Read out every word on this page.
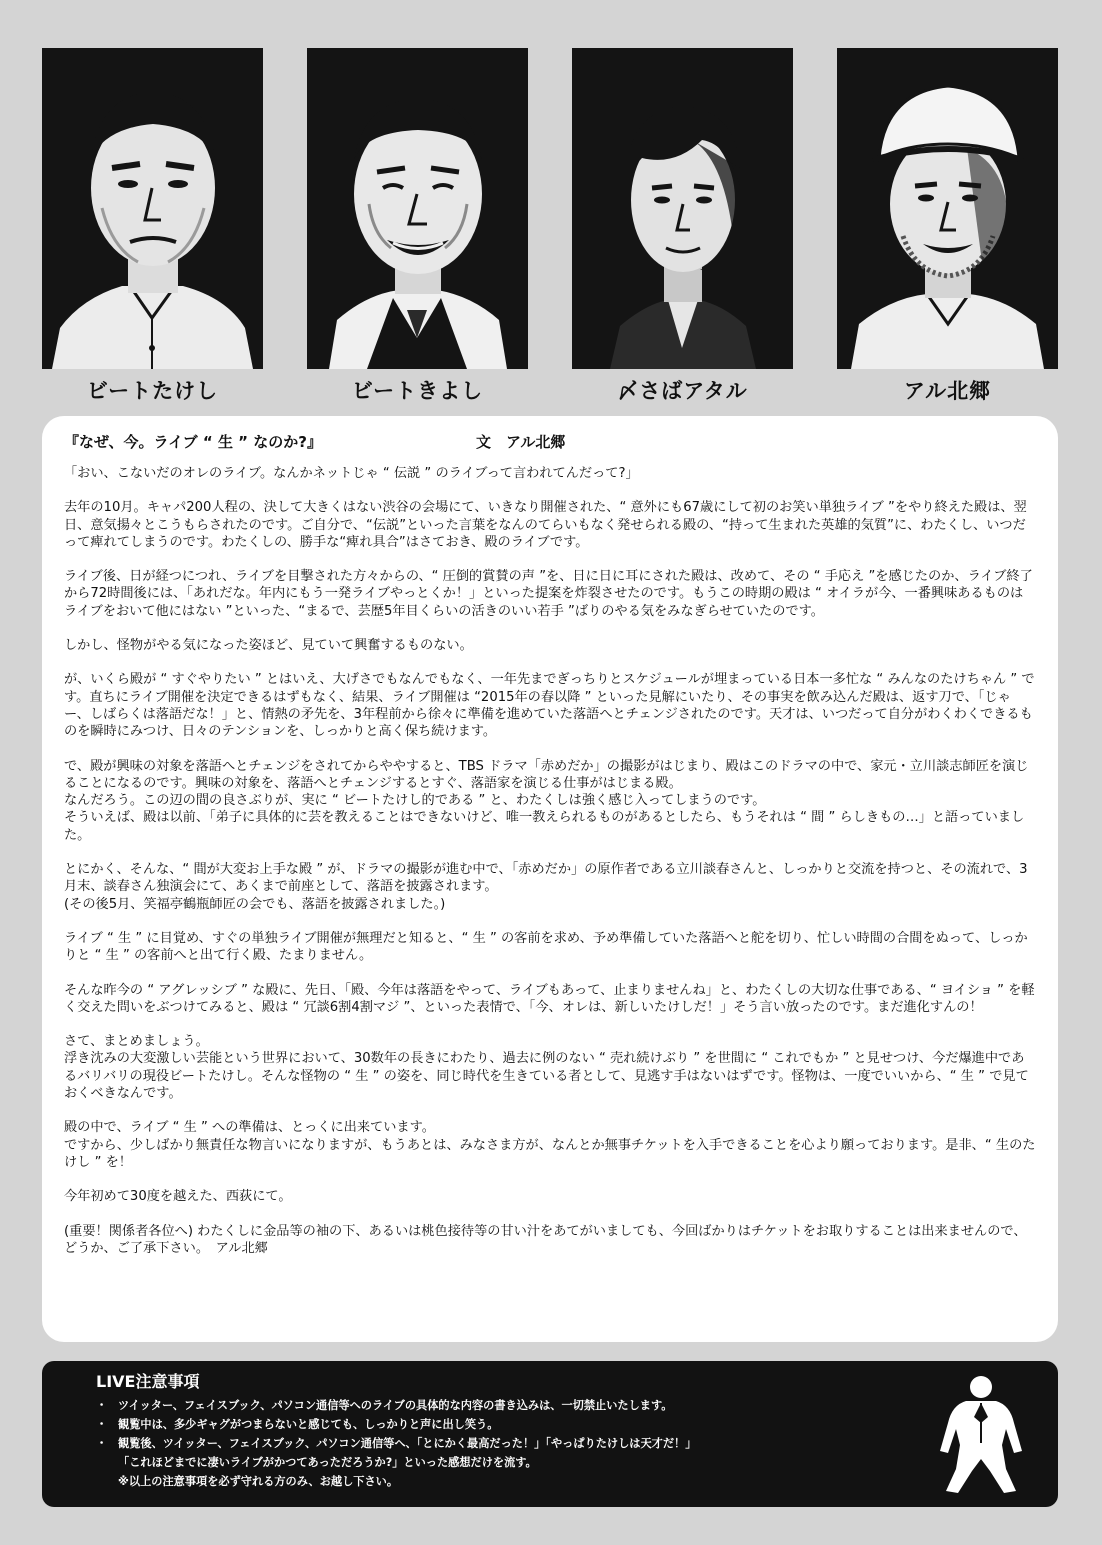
ビートたけし	ビートきよし	〆さばアタル	アル北郷
『なぜ、今。ライブ “ 生 ” なのか?』	文　アル北郷

「おい、こないだのオレのライブ。なんかネットじゃ “ 伝説 ” のライブって言われてんだって?」

去年の10月。キャパ200人程の、決して大きくはない渋谷の会場にて、いきなり開催された、“ 意外にも67歳にして初のお笑い単独ライブ ”をやり終えた殿は、翌日、意気揚々とこうもらされたのです。ご自分で、“伝説”といった言葉をなんのてらいもなく発せられる殿の、“持って生まれた英雄的気質”に、わたくし、いつだって痺れてしまうのです。わたくしの、勝手な“痺れ具合”はさておき、殿のライブです。

ライブ後、日が経つにつれ、ライブを目撃された方々からの、“ 圧倒的賞賛の声 ”を、日に日に耳にされた殿は、改めて、その “ 手応え ”を感じたのか、ライブ終了から72時間後には、「あれだな。年内にもう一発ライブやっとくか！」といった提案を炸裂させたのです。もうこの時期の殿は “ オイラが今、一番興味あるものはライブをおいて他にはない ”といった、“まるで、芸歴5年目くらいの活きのいい若手 ”ばりのやる気をみなぎらせていたのです。

しかし、怪物がやる気になった姿ほど、見ていて興奮するものない。

が、いくら殿が “ すぐやりたい ” とはいえ、大げさでもなんでもなく、一年先までぎっちりとスケジュールが埋まっている日本一多忙な “ みんなのたけちゃん ” です。直ちにライブ開催を決定できるはずもなく、結果、ライブ開催は “2015年の春以降 ” といった見解にいたり、その事実を飲み込んだ殿は、返す刀で、「じゃー、しばらくは落語だな！」と、情熱の矛先を、3年程前から徐々に準備を進めていた落語へとチェンジされたのです。天才は、いつだって自分がわくわくできるものを瞬時にみつけ、日々のテンションを、しっかりと高く保ち続けます。

で、殿が興味の対象を落語へとチェンジをされてからややすると、TBS ドラマ「赤めだか」の撮影がはじまり、殿はこのドラマの中で、家元・立川談志師匠を演じることになるのです。興味の対象を、落語へとチェンジするとすぐ、落語家を演じる仕事がはじまる殿。
なんだろう。この辺の間の良さぶりが、実に “ ビートたけし的である ” と、わたくしは強く感じ入ってしまうのです。
そういえば、殿は以前、「弟子に具体的に芸を教えることはできないけど、唯一教えられるものがあるとしたら、もうそれは “ 間 ” らしきもの…」と語っていました。

とにかく、そんな、“ 間が大変お上手な殿 ” が、ドラマの撮影が進む中で、「赤めだか」の原作者である立川談春さんと、しっかりと交流を持つと、その流れで、3月末、談春さん独演会にて、あくまで前座として、落語を披露されます。
(その後5月、笑福亭鶴瓶師匠の会でも、落語を披露されました。)

ライブ “ 生 ” に目覚め、すぐの単独ライブ開催が無理だと知ると、“ 生 ” の客前を求め、予め準備していた落語へと舵を切り、忙しい時間の合間をぬって、しっかりと “ 生 ” の客前へと出て行く殿、たまりません。

そんな昨今の “ アグレッシブ ” な殿に、先日、「殿、今年は落語をやって、ライブもあって、止まりませんね」と、わたくしの大切な仕事である、“ ヨイショ ” を軽く交えた問いをぶつけてみると、殿は “ 冗談6割4割マジ ”、といった表情で、「今、オレは、新しいたけしだ！」そう言い放ったのです。まだ進化すんの！

さて、まとめましょう。
浮き沈みの大変激しい芸能という世界において、30数年の長きにわたり、過去に例のない “ 売れ続けぶり ” を世間に “ これでもか ” と見せつけ、今だ爆進中であるバリバリの現役ビートたけし。そんな怪物の “ 生 ” の姿を、同じ時代を生きている者として、見逃す手はないはずです。怪物は、一度でいいから、“ 生 ” で見ておくべきなんです。

殿の中で、ライブ “ 生 ” への準備は、とっくに出来ています。
ですから、少しばかり無責任な物言いになりますが、もうあとは、みなさま方が、なんとか無事チケットを入手できることを心より願っております。是非、“ 生のたけし ” を！

今年初めて30度を越えた、西荻にて。

(重要！関係者各位へ) わたくしに金品等の袖の下、あるいは桃色接待等の甘い汁をあてがいましても、今回ばかりはチケットをお取りすることは出来ませんので、どうか、ご了承下さい。　アル北郷

LIVE注意事項
・ ツイッター、フェイスブック、パソコン通信等へのライブの具体的な内容の書き込みは、一切禁止いたします。
・ 観覧中は、多少ギャグがつまらないと感じても、しっかりと声に出し笑う。
・ 観覧後、ツイッター、フェイスブック、パソコン通信等へ、「とにかく最高だった！」「やっぱりたけしは天才だ！」
「これほどまでに凄いライブがかつてあっただろうか?」といった感想だけを流す。
※以上の注意事項を必ず守れる方のみ、お越し下さい。
